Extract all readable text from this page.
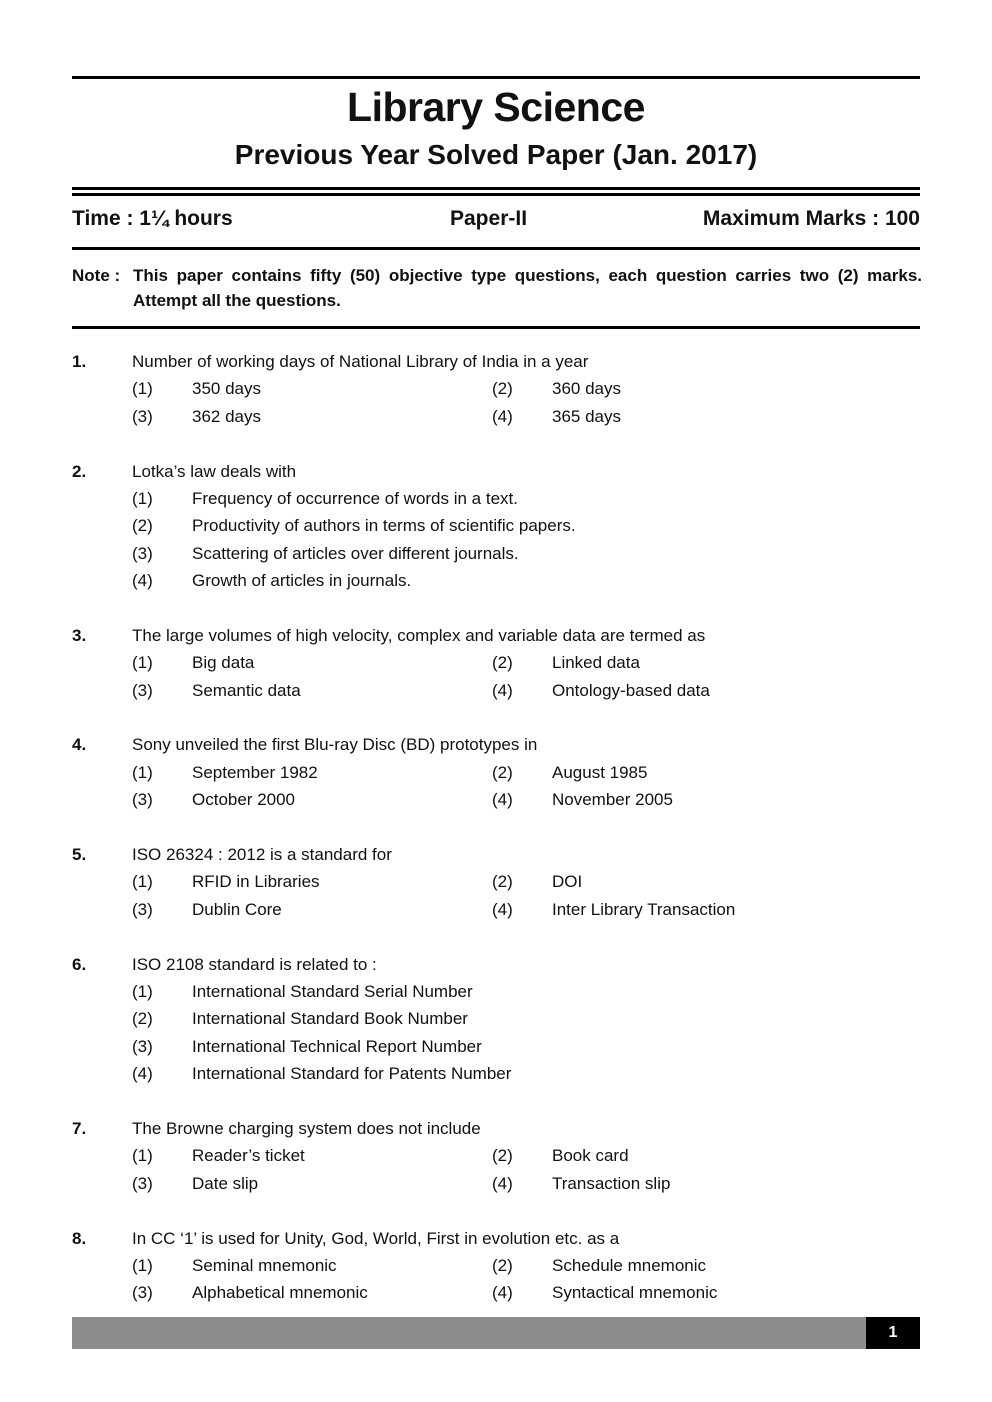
Library Science
Previous Year Solved Paper (Jan. 2017)
Time : 1¼ hours	Paper-II	Maximum Marks : 100
Note : This paper contains fifty (50) objective type questions, each question carries two (2) marks. Attempt all the questions.
1.	Number of working days of National Library of India in a year
(1) 350 days	(2) 360 days
(3) 362 days	(4) 365 days
2.	Lotka’s law deals with
(1) Frequency of occurrence of words in a text.
(2) Productivity of authors in terms of scientific papers.
(3) Scattering of articles over different journals.
(4) Growth of articles in journals.
3.	The large volumes of high velocity, complex and variable data are termed as
(1) Big data	(2) Linked data
(3) Semantic data	(4) Ontology-based data
4.	Sony unveiled the first Blu-ray Disc (BD) prototypes in
(1) September 1982	(2) August 1985
(3) October 2000	(4) November 2005
5.	ISO 26324 : 2012 is a standard for
(1) RFID in Libraries	(2) DOI
(3) Dublin Core	(4) Inter Library Transaction
6.	ISO 2108 standard is related to :
(1) International Standard Serial Number
(2) International Standard Book Number
(3) International Technical Report Number
(4) International Standard for Patents Number
7.	The Browne charging system does not include
(1) Reader’s ticket	(2) Book card
(3) Date slip	(4) Transaction slip
8.	In CC ‘1’ is used for Unity, God, World, First in evolution etc. as a
(1) Seminal mnemonic	(2) Schedule mnemonic
(3) Alphabetical mnemonic	(4) Syntactical mnemonic
1
